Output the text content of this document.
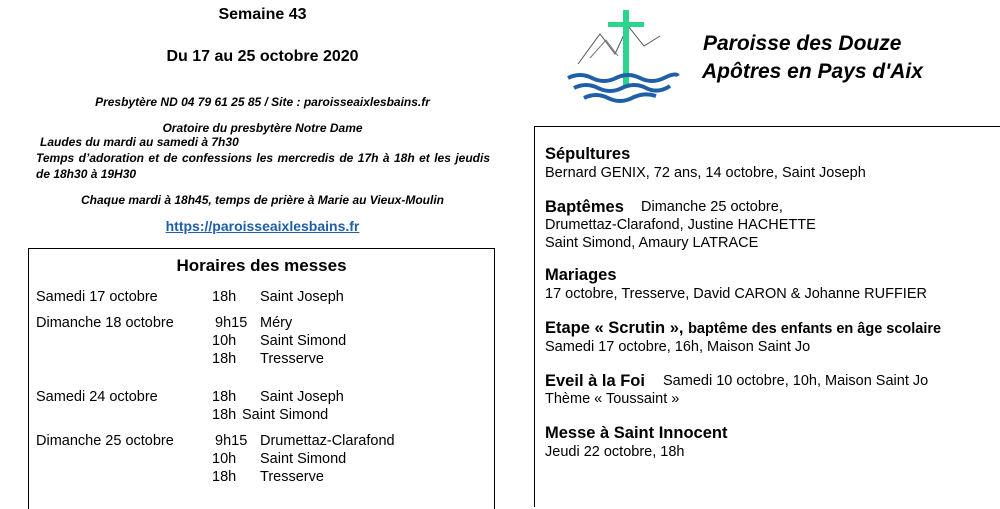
Semaine 43
Du 17 au 25 octobre 2020
Presbytère ND 04 79 61 25 85 / Site : paroisseaixlesbains.fr
Oratoire du presbytère Notre Dame
Laudes du mardi au samedi à 7h30
Temps d’adoration et de confessions les mercredis de 17h à 18h et les jeudis de 18h30 à 19H30
Chaque mardi à 18h45, temps de prière à Marie au Vieux-Moulin
https://paroisseaixlesbains.fr
Horaires des messes
Samedi 17 octobre	18h Saint Joseph
Dimanche 18 octobre	9h15 Méry
10h Saint Simond
18h Tresserve
Samedi 24 octobre	18h Saint Joseph
18h Saint Simond
Dimanche 25 octobre	9h15 Drumettaz-Clarafond
10h Saint Simond
18h Tresserve
Paroisse des Douze
Apôtres en Pays d'Aix
Sépultures
Bernard GENIX, 72 ans, 14 octobre, Saint Joseph
Baptêmes Dimanche 25 octobre,
Drumettaz-Clarafond, Justine HACHETTE
Saint Simond, Amaury LATRACE
Mariages
17 octobre, Tresserve, David CARON & Johanne RUFFIER
Etape « Scrutin », baptême des enfants en âge scolaire
Samedi 17 octobre, 16h, Maison Saint Jo
Eveil à la Foi Samedi 10 octobre, 10h, Maison Saint Jo
Thème « Toussaint »
Messe à Saint Innocent
Jeudi 22 octobre, 18h
